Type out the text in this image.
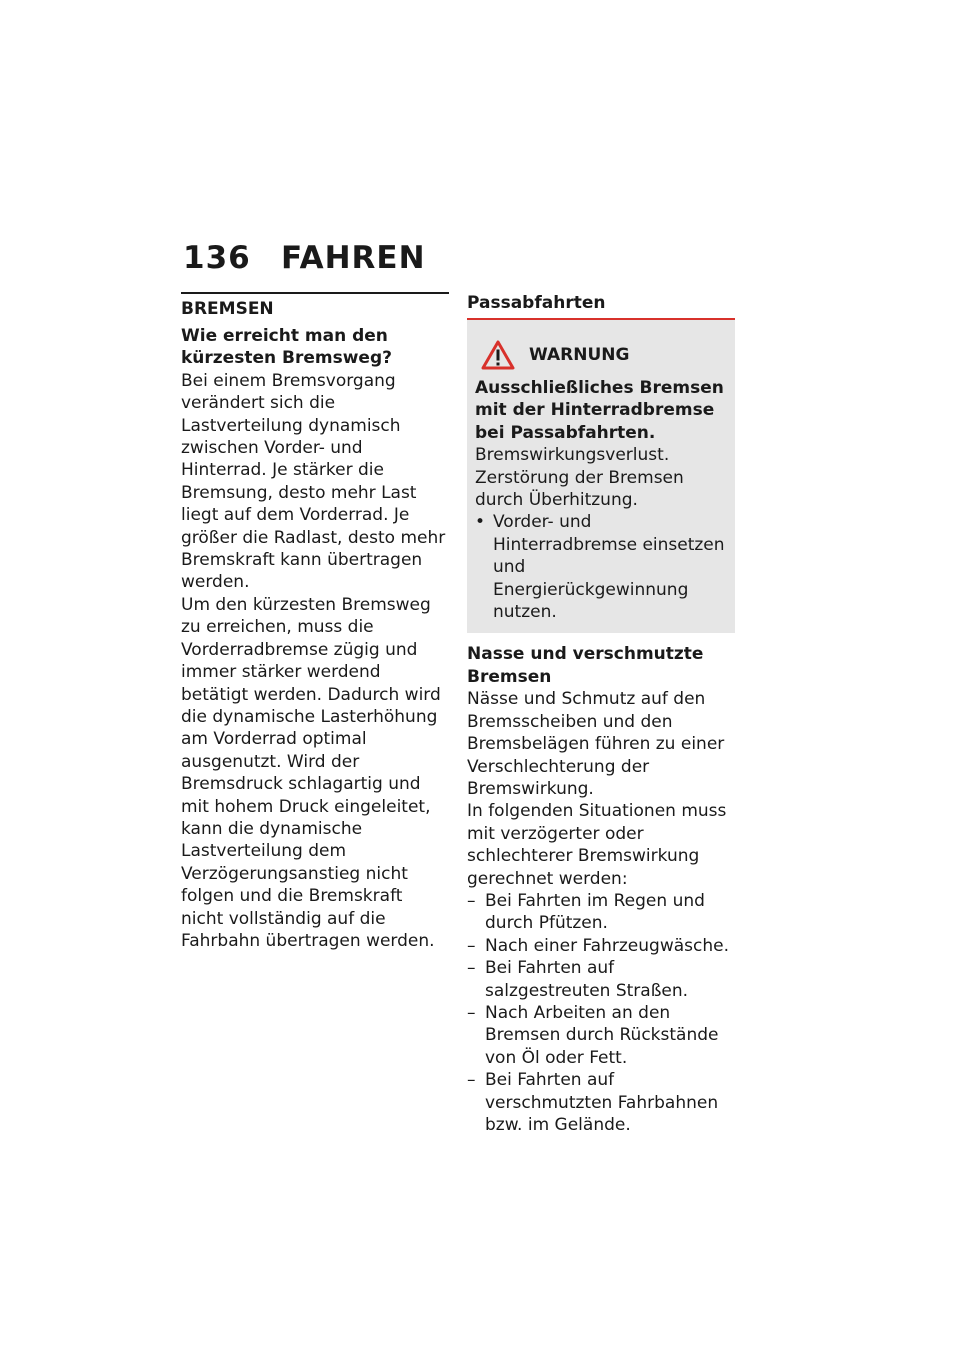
136 FAHREN
BREMSEN
Wie erreicht man den kürzesten Bremsweg?

Bei einem Bremsvorgang verändert sich die Lastverteilung dynamisch zwischen Vorder- und Hinterrad. Je stärker die Bremsung, desto mehr Last liegt auf dem Vorderrad. Je größer die Radlast, desto mehr Bremskraft kann übertragen werden.

Um den kürzesten Bremsweg zu erreichen, muss die Vorderradbremse zügig und immer stärker werdend betätigt werden. Dadurch wird die dynamische Lasterhöhung am Vorderrad optimal ausgenutzt. Wird der Bremsdruck schlagartig und mit hohem Druck eingeleitet, kann die dynamische Lastverteilung dem Verzögerungsanstieg nicht folgen und die Bremskraft nicht vollständig auf die Fahrbahn übertragen werden.

Passabfahrten
WARNUNG
Ausschließliches Bremsen mit der Hinterradbremse bei Passabfahrten.

Bremswirkungsverlust. Zerstörung der Bremsen durch Überhitzung.

• Vorder- und Hinterradbremse einsetzen und Energierückgewinnung nutzen.
Nasse und verschmutzte Bremsen

Nässe und Schmutz auf den Bremsscheiben und den Bremsbelägen führen zu einer Verschlechterung der Bremswirkung.

In folgenden Situationen muss mit verzögerter oder schlechterer Bremswirkung gerechnet werden:

– Bei Fahrten im Regen und durch Pfützen.
– Nach einer Fahrzeugwäsche.
– Bei Fahrten auf salzgestreuten Straßen.
– Nach Arbeiten an den Bremsen durch Rückstände von Öl oder Fett.
– Bei Fahrten auf verschmutzten Fahrbahnen bzw. im Gelände.
